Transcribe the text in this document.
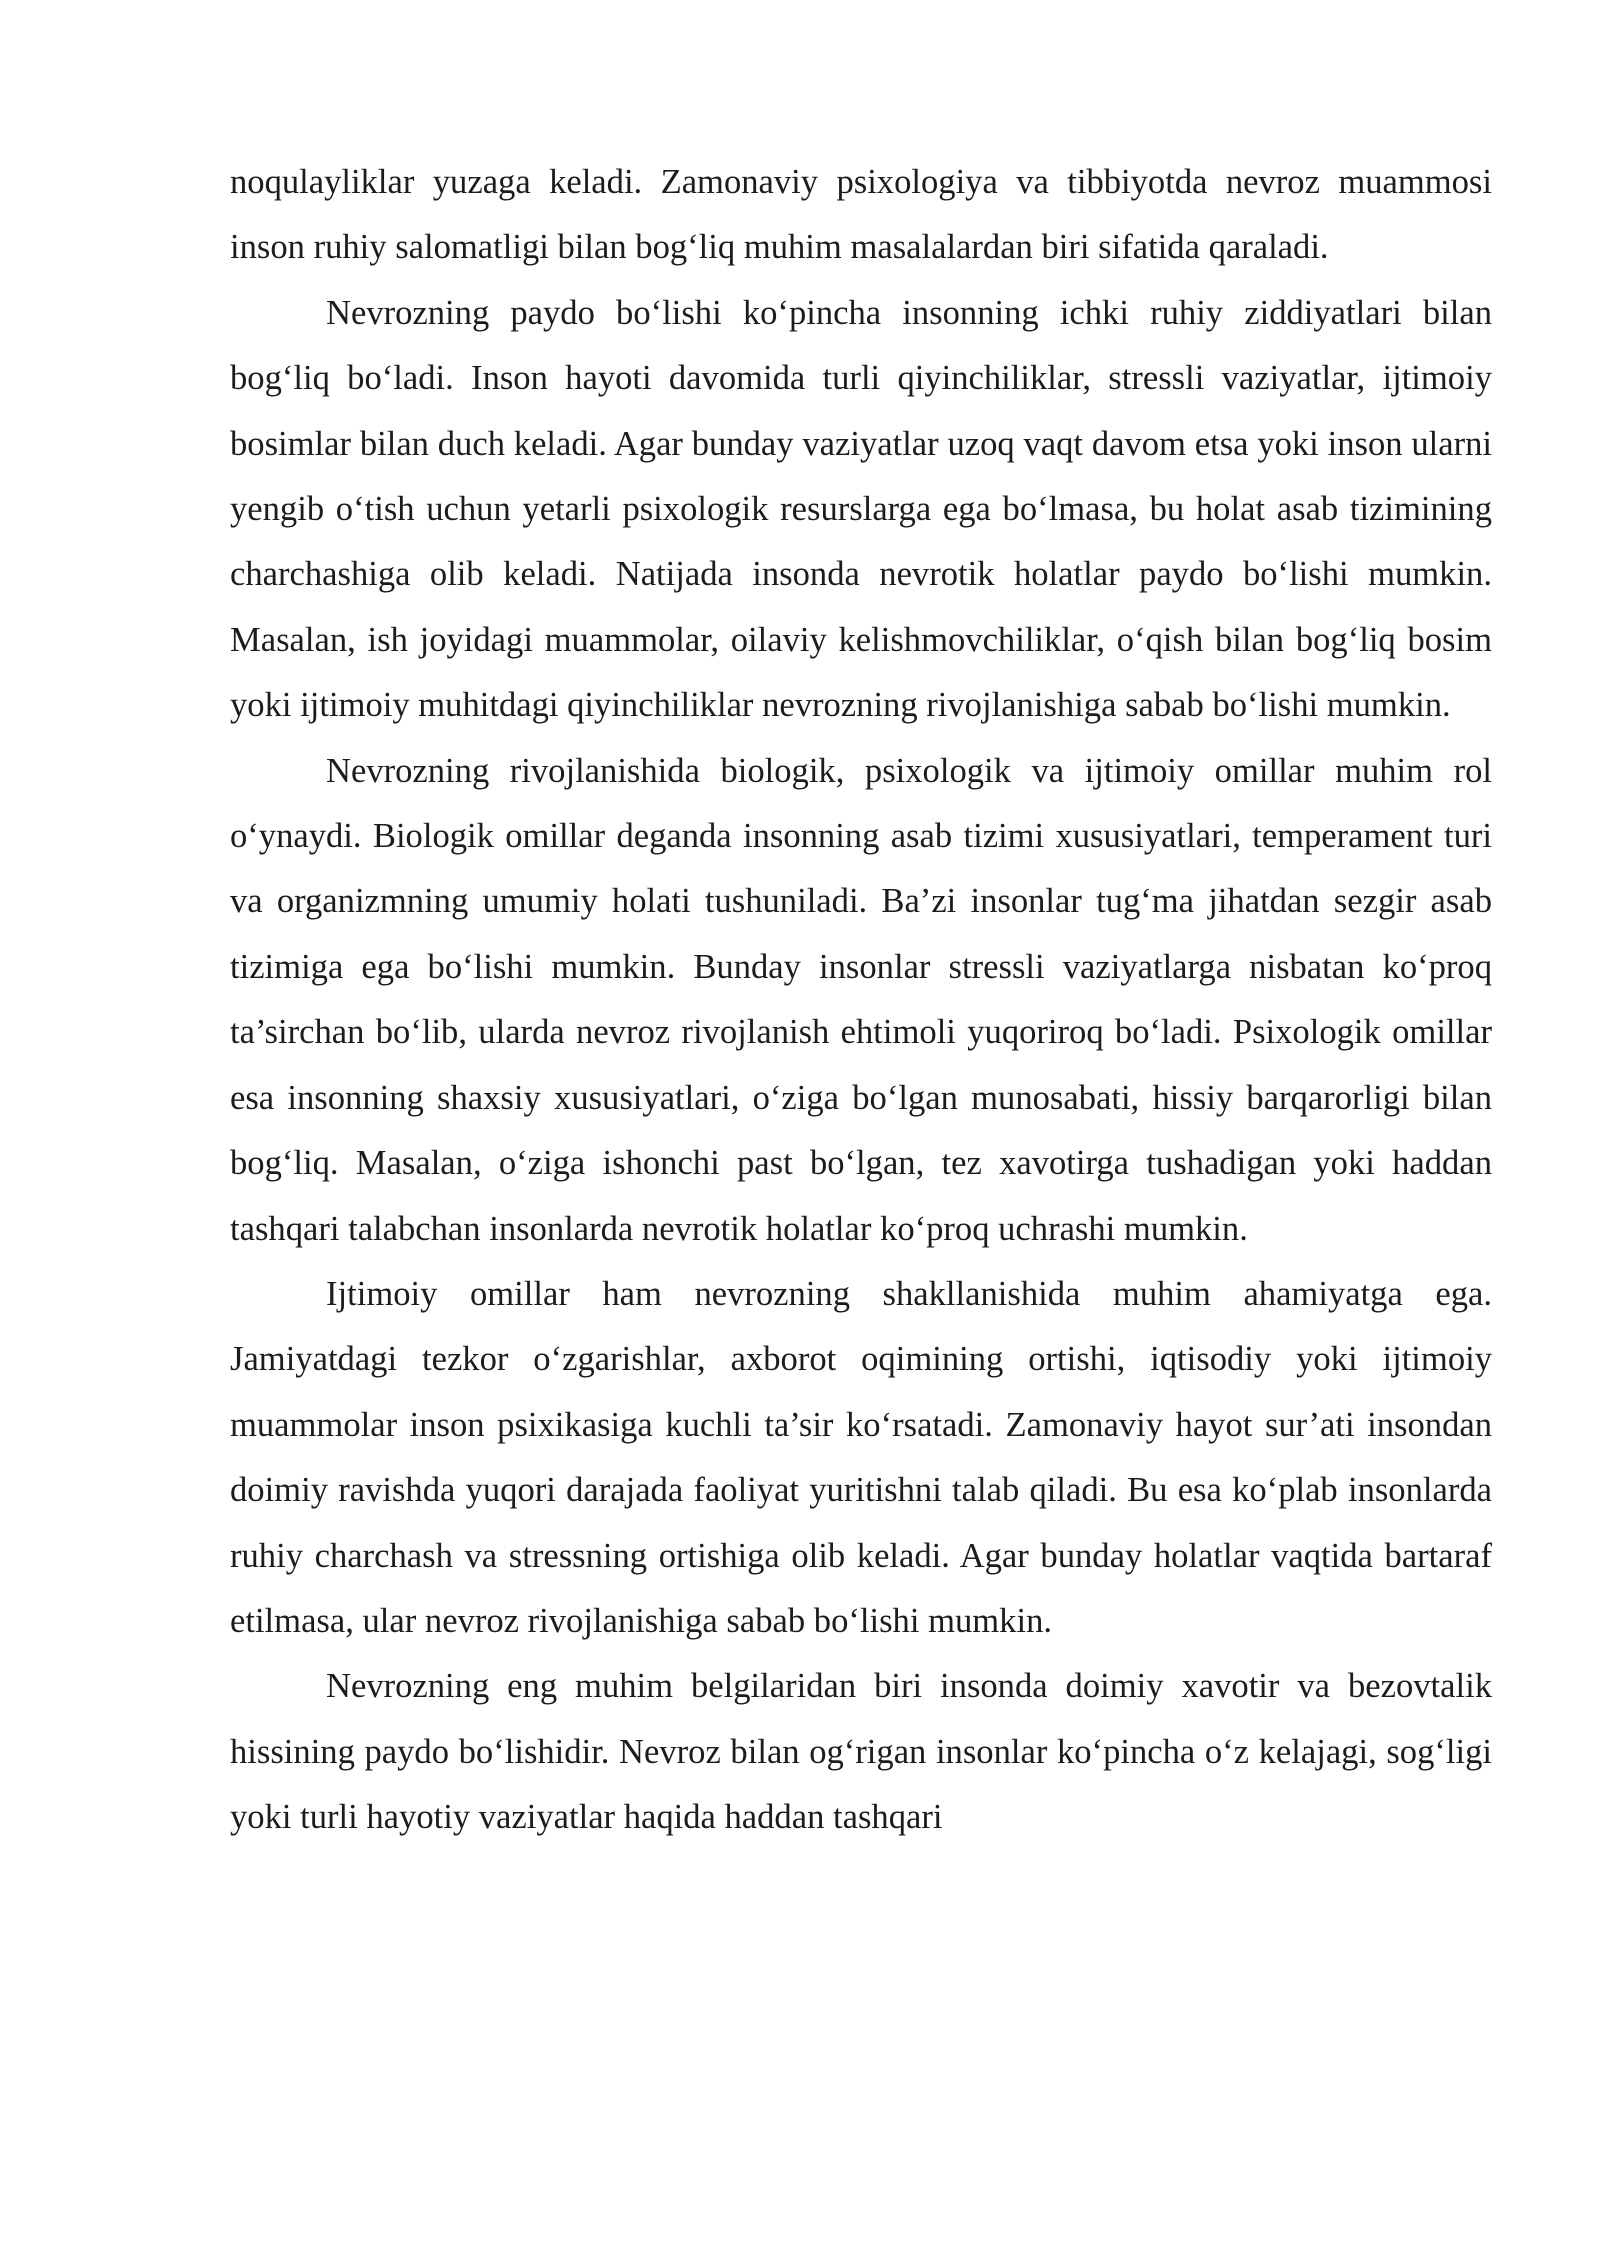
noqulayliklar yuzaga keladi. Zamonaviy psixologiya va tibbiyotda nevroz muammosi inson ruhiy salomatligi bilan bog‘liq muhim masalalardan biri sifatida qaraladi.

Nevrozning paydo bo‘lishi ko‘pincha insonning ichki ruhiy ziddiyatlari bilan bog‘liq bo‘ladi. Inson hayoti davomida turli qiyinchiliklar, stressli vaziyatlar, ijtimoiy bosimlar bilan duch keladi. Agar bunday vaziyatlar uzoq vaqt davom etsa yoki inson ularni yengib o‘tish uchun yetarli psixologik resurslarga ega bo‘lmasa, bu holat asab tizimining charchashiga olib keladi. Natijada insonda nevrotik holatlar paydo bo‘lishi mumkin. Masalan, ish joyidagi muammolar, oilaviy kelishmovchiliklar, o‘qish bilan bog‘liq bosim yoki ijtimoiy muhitdagi qiyinchiliklar nevrozning rivojlanishiga sabab bo‘lishi mumkin.

Nevrozning rivojlanishida biologik, psixologik va ijtimoiy omillar muhim rol o‘ynaydi. Biologik omillar deganda insonning asab tizimi xususiyatlari, temperament turi va organizmning umumiy holati tushuniladi. Ba’zi insonlar tug‘ma jihatdan sezgir asab tizimiga ega bo‘lishi mumkin. Bunday insonlar stressli vaziyatlarga nisbatan ko‘proq ta’sirchan bo‘lib, ularda nevroz rivojlanish ehtimoli yuqoriroq bo‘ladi. Psixologik omillar esa insonning shaxsiy xususiyatlari, o‘ziga bo‘lgan munosabati, hissiy barqarorligi bilan bog‘liq. Masalan, o‘ziga ishonchi past bo‘lgan, tez xavotirga tushadigan yoki haddan tashqari talabchan insonlarda nevrotik holatlar ko‘proq uchrashi mumkin.

Ijtimoiy omillar ham nevrozning shakllanishida muhim ahamiyatga ega. Jamiyatdagi tezkor o‘zgarishlar, axborot oqimining ortishi, iqtisodiy yoki ijtimoiy muammolar inson psixikasiga kuchli ta’sir ko‘rsatadi. Zamonaviy hayot sur’ati insondan doimiy ravishda yuqori darajada faoliyat yuritishni talab qiladi. Bu esa ko‘plab insonlarda ruhiy charchash va stressning ortishiga olib keladi. Agar bunday holatlar vaqtida bartaraf etilmasa, ular nevroz rivojlanishiga sabab bo‘lishi mumkin.

Nevrozning eng muhim belgilaridan biri insonda doimiy xavotir va bezovtalik hissining paydo bo‘lishidir. Nevroz bilan og‘rigan insonlar ko‘pincha o‘z kelajagi, sog‘ligi yoki turli hayotiy vaziyatlar haqida haddan tashqari
